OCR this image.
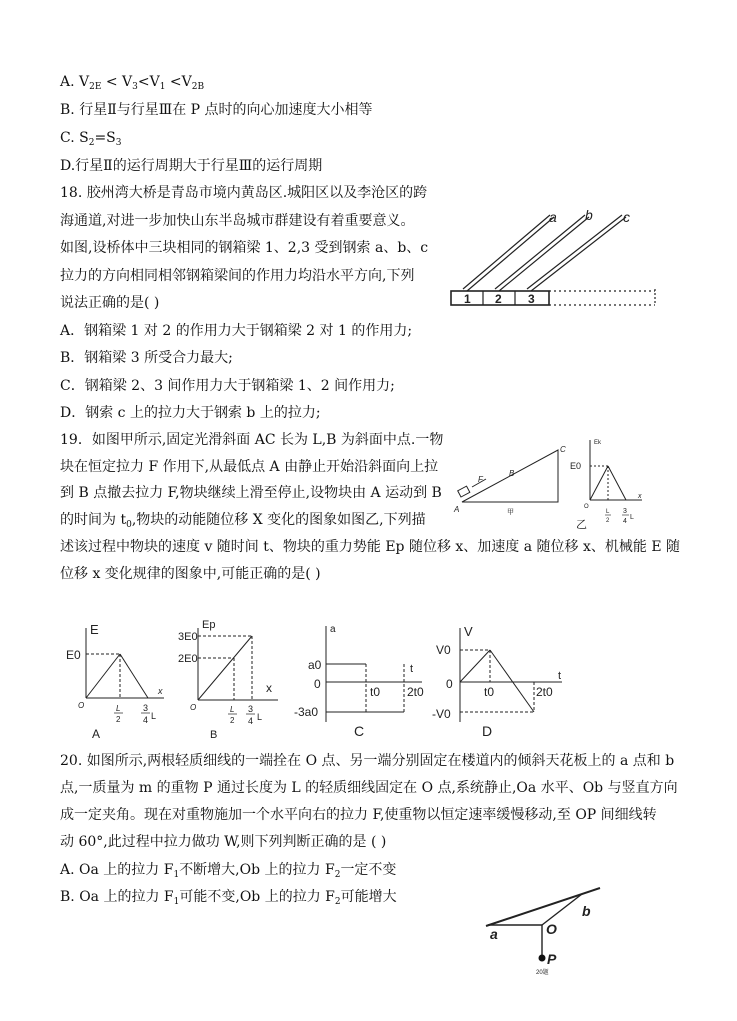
A. $V_{2E} < V_3<V_1 <V_{2B}$
B. 行星Ⅱ与行星Ⅲ在 P 点时的向心加速度大小相等
C. $S_2=S_3$
D.行星Ⅱ的运行周期大于行星Ⅲ的运行周期
18. 胶州湾大桥是青岛市境内黄岛区.城阳区以及李沧区的跨
海通道,对进一步加快山东半岛城市群建设有着重要意义。
如图,设桥体中三块相同的钢箱梁 1、2,3 受到钢索 a、b、c
拉力的方向相同相邻钢箱梁间的作用力均沿水平方向,下列
说法正确的是( )
A．钢箱梁 1 对 2 的作用力大于钢箱梁 2 对 1 的作用力;
B．钢箱梁 3 所受合力最大;
C．钢箱梁 2、3 间作用力大于钢箱梁 1、2 间作用力;
D．钢索 c 上的拉力大于钢索 b 上的拉力;
a b c
1 2 3
19．如图甲所示,固定光滑斜面 AC 长为 L,B 为斜面中点.一物
块在恒定拉力 F 作用下,从最低点 A 由静止开始沿斜面向上拉
到 B 点撤去拉力 F,物块继续上滑至停止,设物块由 A 运动到 B
的时间为 $t_0$,物块的动能随位移 X 变化的图象如图乙,下列描
述该过程中物块的速度 v 随时间 t、物块的重力势能 Ep 随位移 x、加速度 a 随位移 x、机械能 E 随
位移 x 变化规律的图象中,可能正确的是( )
A
B
C
F
甲
Ek
E0
x
O
L
2
3
4
L
乙
E
E0
O
x
L
2
3
4 L
A
Ep
3E0
2E0
O
x
L
2
3
4 L
B
a
t
a0
0
-3a0
t0 2t0
C
V
t
V0
0
-V0
t0	2t0
D
20. 如图所示,两根轻质细线的一端拴在 O 点、另一端分别固定在楼道内的倾斜天花板上的 a 点和 b
点,一质量为 m 的重物 P 通过长度为 L 的轻质细线固定在 O 点,系统静止,Oa 水平、Ob 与竖直方向
成一定夹角。现在对重物施加一个水平向右的拉力 F,使重物以恒定速率缓慢移动,至 OP 间细线转
动 60°,此过程中拉力做功 W,则下列判断正确的是 ( )
A. Oa 上的拉力 $F_1$不断增大,Ob 上的拉力 $F_2$一定不变
B. Oa 上的拉力 $F_1$可能不变,Ob 上的拉力 $F_2$可能增大
a
b
O
P
20题
